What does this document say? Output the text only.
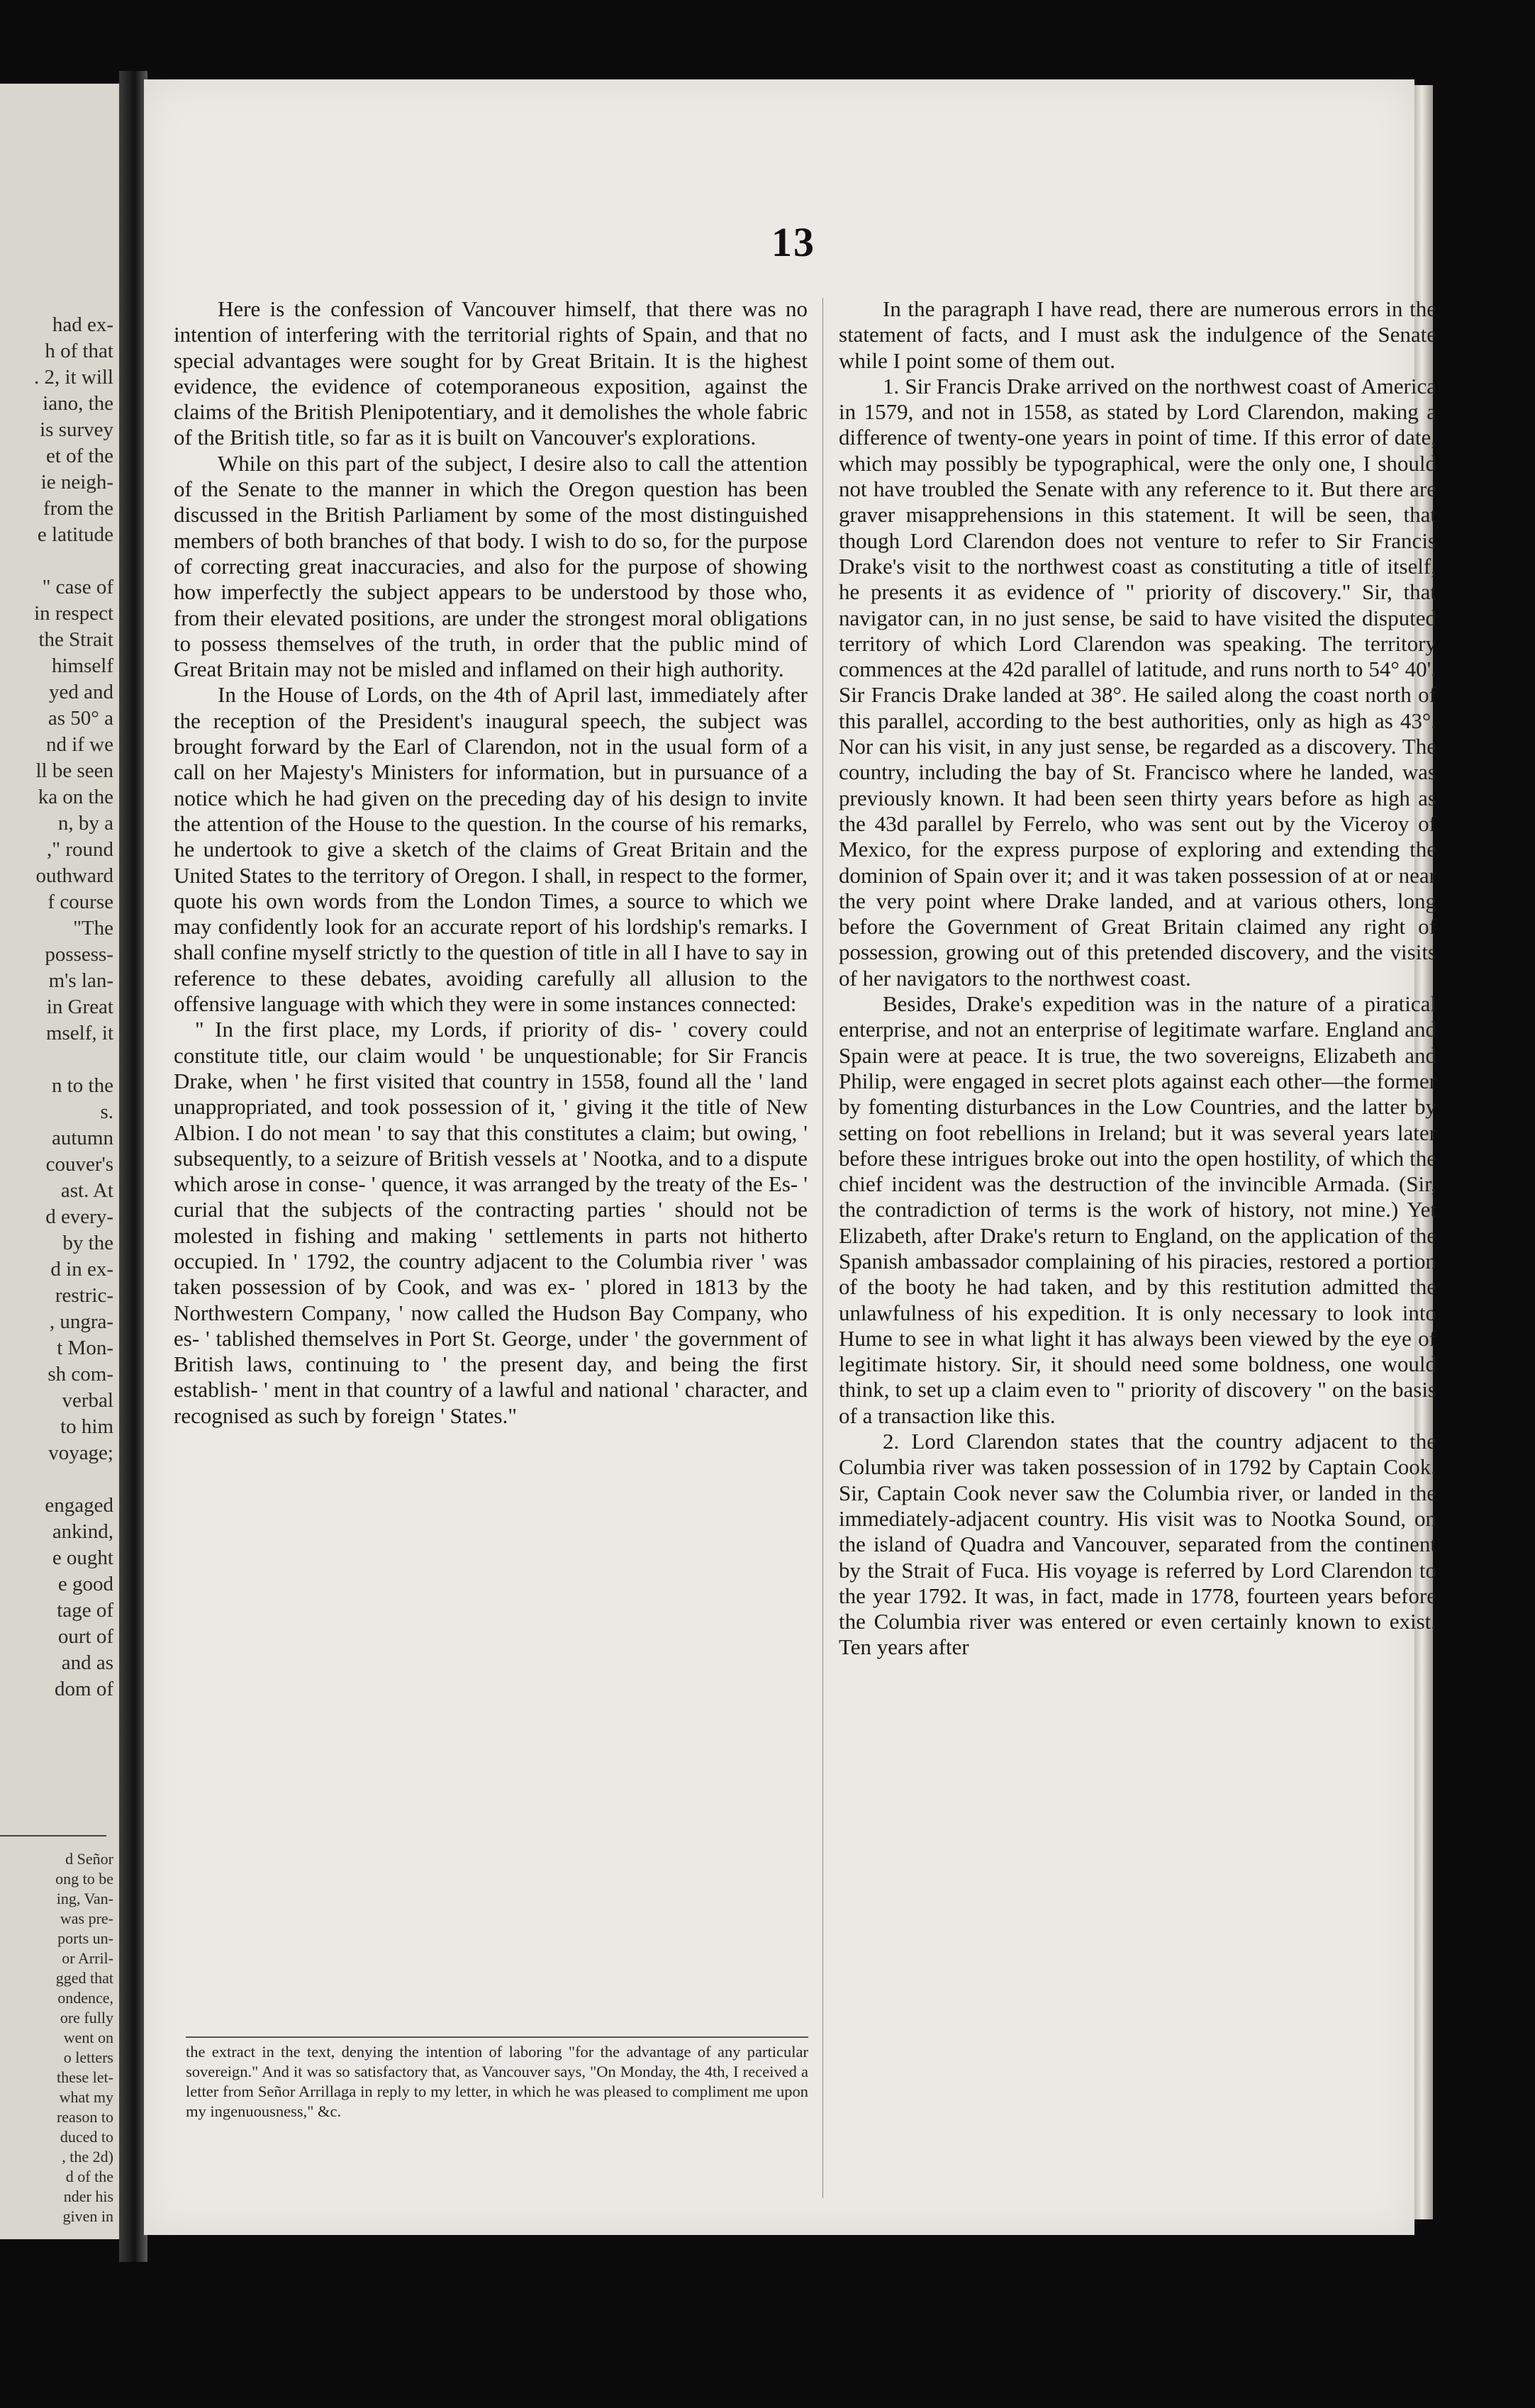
had ex-
h of that
. 2, it will
iano, the
is survey
et of the
ie neigh-
from the
e latitude
" case of
in respect
the Strait
himself
yed and
as 50° a
nd if we
ll be seen
ka on the
n, by a
," round
outhward
f course
"The
possess-
m's lan-
in Great
mself, it
n to the
s.
autumn
couver's
ast. At
d every-
by the
d in ex-
restric-
, ungra-
t Mon-
sh com-
verbal
to him
voyage;
engaged
ankind,
e ought
e good
tage of
ourt of
and as
dom of
d Señor
ong to be
ing, Van-
was pre-
ports un-
or Arril-
gged that
ondence,
ore fully
went on
o letters
these let-
what my
reason to
duced to
, the 2d)
d of the
nder his
given in
13

Here is the confession of Vancouver himself, that there was no intention of interfering with the territorial rights of Spain, and that no special advantages were sought for by Great Britain. It is the highest evidence, the evidence of cotemporaneous exposition, against the claims of the British Plenipotentiary, and it demolishes the whole fabric of the British title, so far as it is built on Vancouver's explorations.

While on this part of the subject, I desire also to call the attention of the Senate to the manner in which the Oregon question has been discussed in the British Parliament by some of the most distinguished members of both branches of that body. I wish to do so, for the purpose of correcting great inaccuracies, and also for the purpose of showing how imperfectly the subject appears to be understood by those who, from their elevated positions, are under the strongest moral obligations to possess themselves of the truth, in order that the public mind of Great Britain may not be misled and inflamed on their high authority.

In the House of Lords, on the 4th of April last, immediately after the reception of the President's inaugural speech, the subject was brought forward by the Earl of Clarendon, not in the usual form of a call on her Majesty's Ministers for information, but in pursuance of a notice which he had given on the preceding day of his design to invite the attention of the House to the question. In the course of his remarks, he undertook to give a sketch of the claims of Great Britain and the United States to the territory of Oregon. I shall, in respect to the former, quote his own words from the London Times, a source to which we may confidently look for an accurate report of his lordship's remarks. I shall confine myself strictly to the question of title in all I have to say in reference to these debates, avoiding carefully all allusion to the offensive language with which they were in some instances connected:

" In the first place, my Lords, if priority of dis- ' covery could constitute title, our claim would ' be unquestionable; for Sir Francis Drake, when ' he first visited that country in 1558, found all the ' land unappropriated, and took possession of it, ' giving it the title of New Albion. I do not mean ' to say that this constitutes a claim; but owing, ' subsequently, to a seizure of British vessels at ' Nootka, and to a dispute which arose in conse- ' quence, it was arranged by the treaty of the Es- ' curial that the subjects of the contracting parties ' should not be molested in fishing and making ' settlements in parts not hitherto occupied. In ' 1792, the country adjacent to the Columbia river ' was taken possession of by Cook, and was ex- ' plored in 1813 by the Northwestern Company, ' now called the Hudson Bay Company, who es- ' tablished themselves in Port St. George, under ' the government of British laws, continuing to ' the present day, and being the first establish- ' ment in that country of a lawful and national ' character, and recognised as such by foreign ' States."

the extract in the text, denying the intention of laboring "for the advantage of any particular sovereign." And it was so satisfactory that, as Vancouver says, "On Monday, the 4th, I received a letter from Señor Arrillaga in reply to my letter, in which he was pleased to compliment me upon my ingenuousness," &c.

In the paragraph I have read, there are numerous errors in the statement of facts, and I must ask the indulgence of the Senate while I point some of them out.

1. Sir Francis Drake arrived on the northwest coast of America in 1579, and not in 1558, as stated by Lord Clarendon, making a difference of twenty-one years in point of time. If this error of date, which may possibly be typographical, were the only one, I should not have troubled the Senate with any reference to it. But there are graver misapprehensions in this statement. It will be seen, that though Lord Clarendon does not venture to refer to Sir Francis Drake's visit to the northwest coast as constituting a title of itself, he presents it as evidence of " priority of discovery." Sir, that navigator can, in no just sense, be said to have visited the disputed territory of which Lord Clarendon was speaking. The territory commences at the 42d parallel of latitude, and runs north to 54° 40'. Sir Francis Drake landed at 38°. He sailed along the coast north of this parallel, according to the best authorities, only as high as 43°. Nor can his visit, in any just sense, be regarded as a discovery. The country, including the bay of St. Francisco where he landed, was previously known. It had been seen thirty years before as high as the 43d parallel by Ferrelo, who was sent out by the Viceroy of Mexico, for the express purpose of exploring and extending the dominion of Spain over it; and it was taken possession of at or near the very point where Drake landed, and at various others, long before the Government of Great Britain claimed any right of possession, growing out of this pretended discovery, and the visits of her navigators to the northwest coast.

Besides, Drake's expedition was in the nature of a piratical enterprise, and not an enterprise of legitimate warfare. England and Spain were at peace. It is true, the two sovereigns, Elizabeth and Philip, were engaged in secret plots against each other—the former by fomenting disturbances in the Low Countries, and the latter by setting on foot rebellions in Ireland; but it was several years later before these intrigues broke out into the open hostility, of which the chief incident was the destruction of the invincible Armada. (Sir, the contradiction of terms is the work of history, not mine.) Yet Elizabeth, after Drake's return to England, on the application of the Spanish ambassador complaining of his piracies, restored a portion of the booty he had taken, and by this restitution admitted the unlawfulness of his expedition. It is only necessary to look into Hume to see in what light it has always been viewed by the eye of legitimate history. Sir, it should need some boldness, one would think, to set up a claim even to " priority of discovery " on the basis of a transaction like this.

2. Lord Clarendon states that the country adjacent to the Columbia river was taken possession of in 1792 by Captain Cook. Sir, Captain Cook never saw the Columbia river, or landed in the immediately-adjacent country. His visit was to Nootka Sound, on the island of Quadra and Vancouver, separated from the continent by the Strait of Fuca. His voyage is referred by Lord Clarendon to the year 1792. It was, in fact, made in 1778, fourteen years before the Columbia river was entered or even certainly known to exist. Ten years after
